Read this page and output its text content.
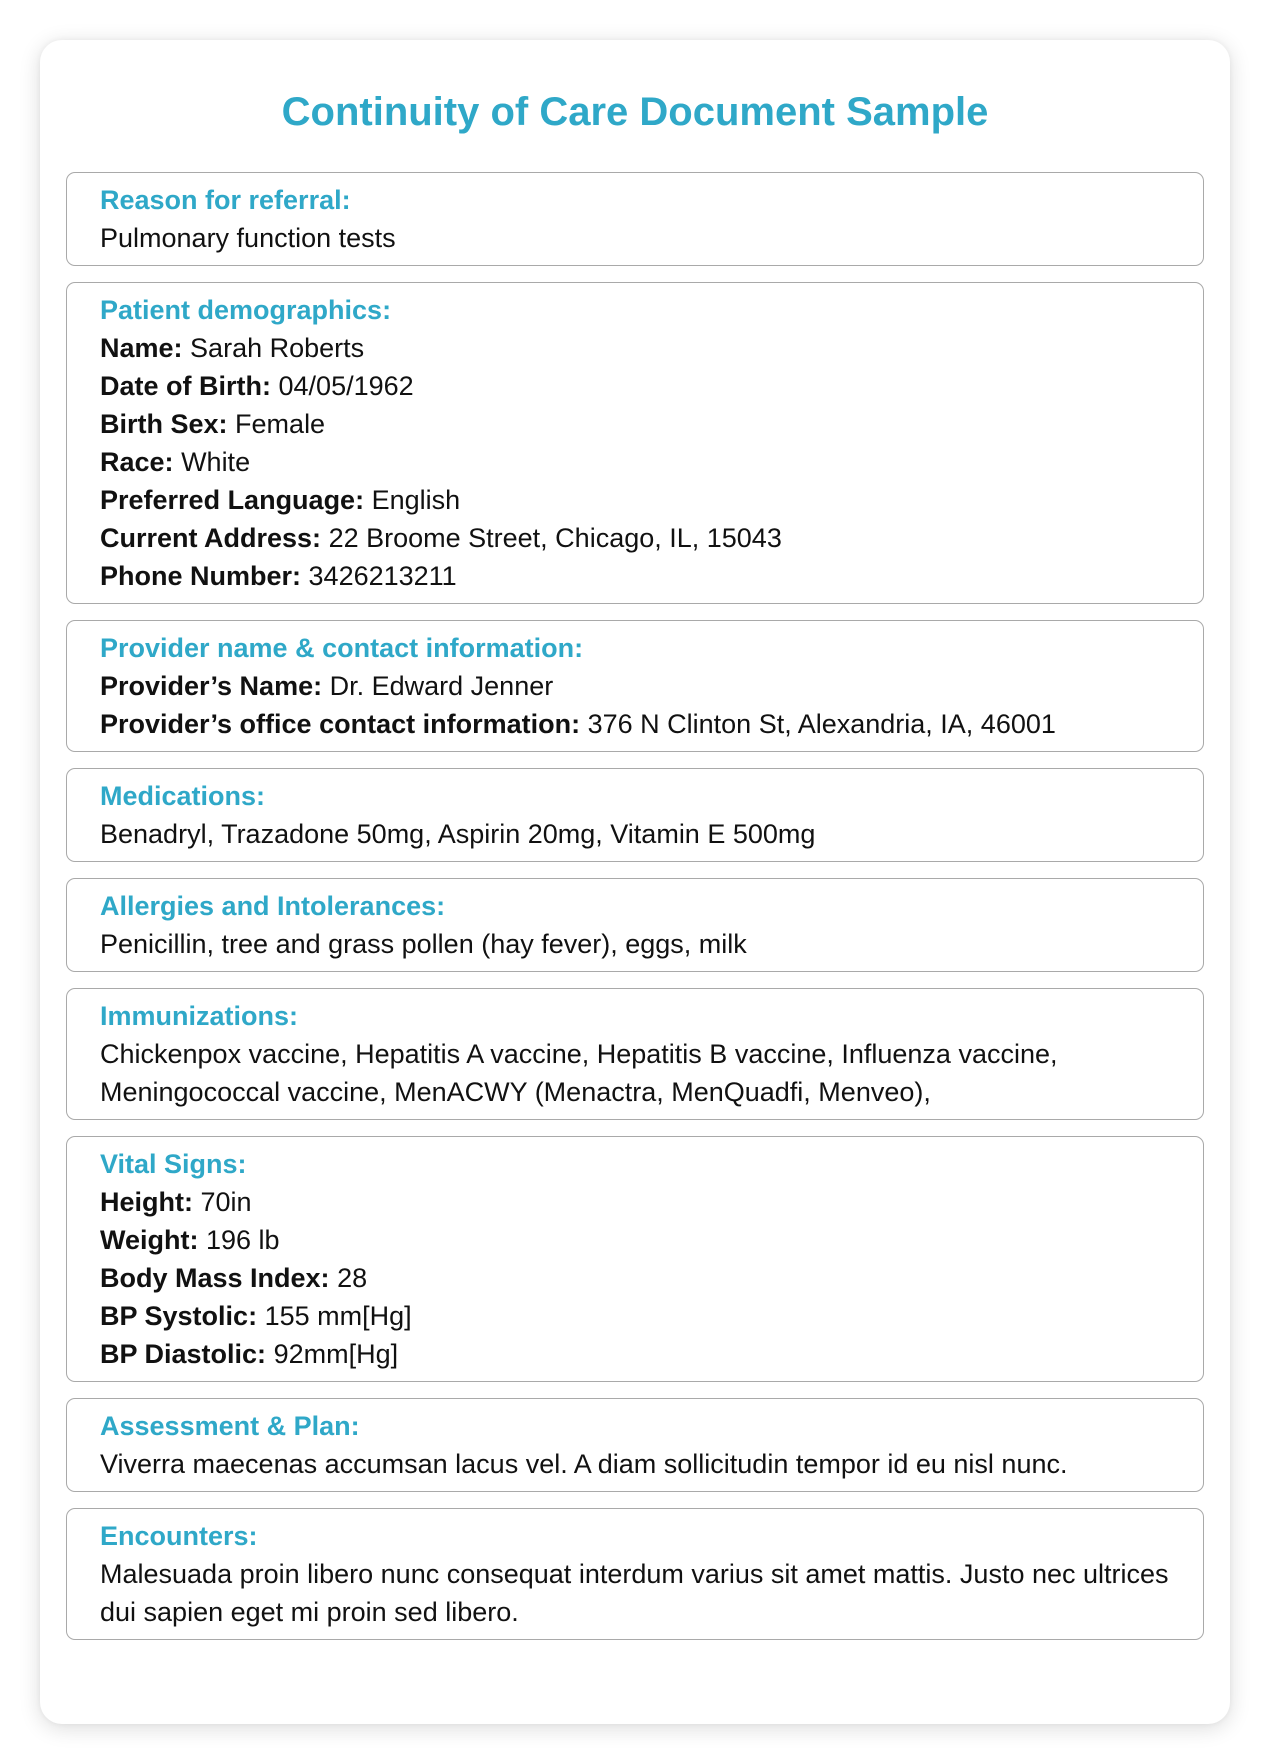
Continuity of Care Document Sample
Reason for referral:
Pulmonary function tests
Patient demographics:
Name: Sarah Roberts
Date of Birth: 04/05/1962
Birth Sex: Female
Race: White
Preferred Language: English
Current Address: 22 Broome Street, Chicago, IL, 15043
Phone Number: 3426213211
Provider name & contact information:
Provider’s Name: Dr. Edward Jenner
Provider’s office contact information: 376 N Clinton St, Alexandria, IA, 46001
Medications:
Benadryl, Trazadone 50mg, Aspirin 20mg, Vitamin E 500mg
Allergies and Intolerances:
Penicillin, tree and grass pollen (hay fever), eggs, milk
Immunizations:
Chickenpox vaccine, Hepatitis A vaccine, Hepatitis B vaccine, Influenza vaccine, Meningococcal vaccine, MenACWY (Menactra, MenQuadfi, Menveo),
Vital Signs:
Height: 70in
Weight: 196 lb
Body Mass Index: 28
BP Systolic: 155 mm[Hg]
BP Diastolic: 92mm[Hg]
Assessment & Plan:
Viverra maecenas accumsan lacus vel. A diam sollicitudin tempor id eu nisl nunc.
Encounters:
Malesuada proin libero nunc consequat interdum varius sit amet mattis. Justo nec ultrices dui sapien eget mi proin sed libero.
